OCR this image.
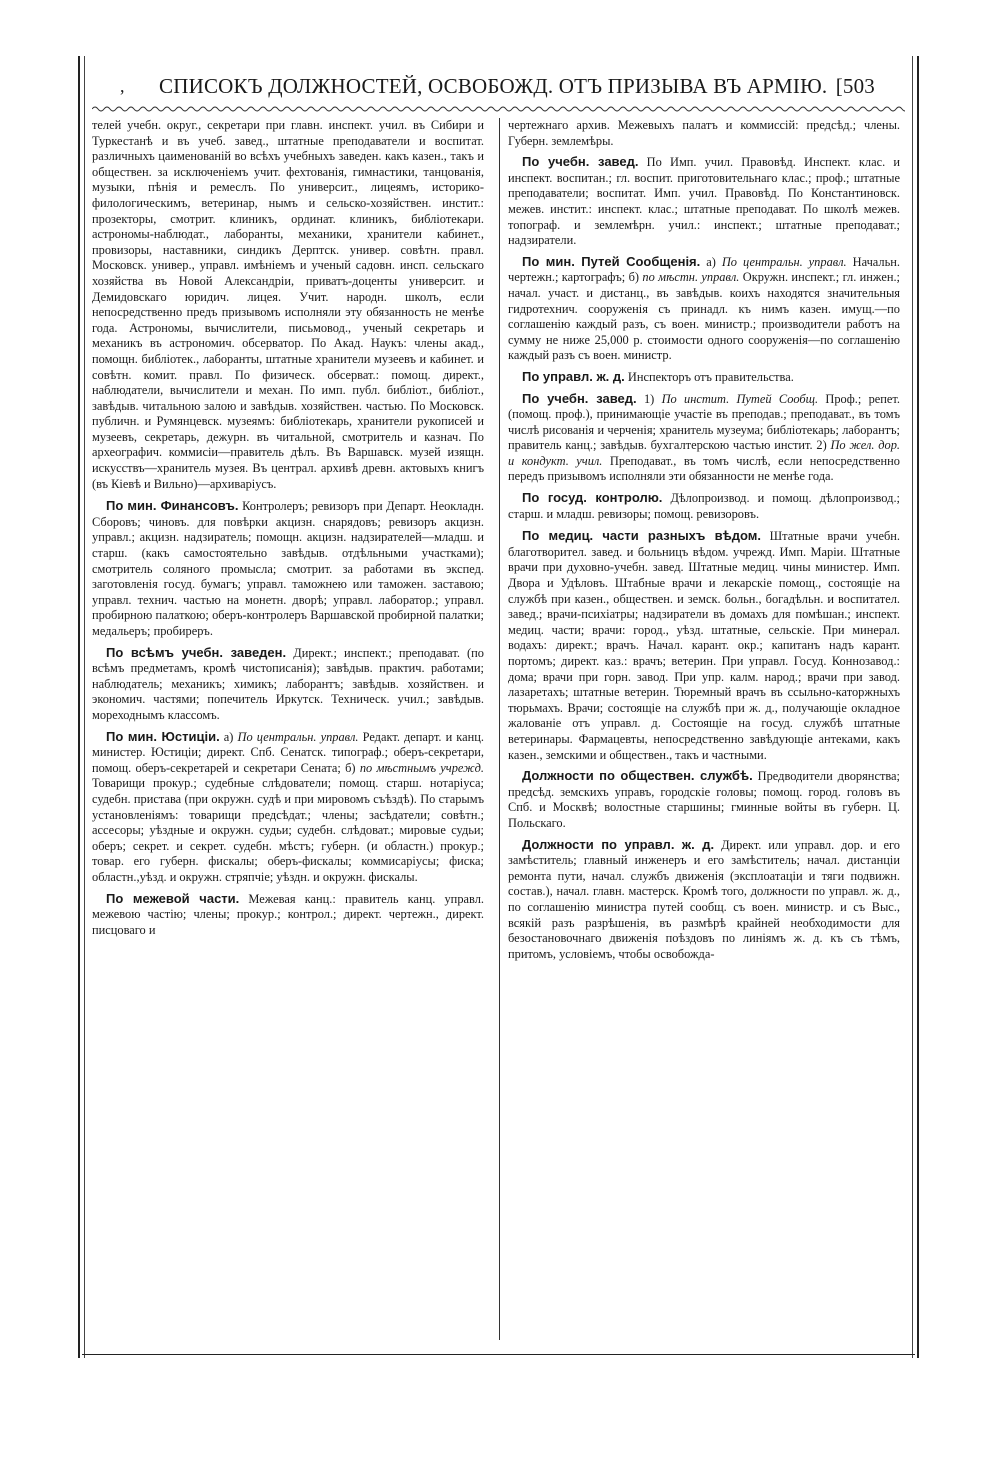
, СПИСОКЪ ДОЛЖНОСТЕЙ, ОСВОБОЖД. ОТЪ ПРИЗЫВА ВЪ АРМІЮ. [503

телей учебн. округ., секретари при главн. инспект. учил. въ Сибири и Туркестанѣ и въ учеб. завед., штатные преподаватели и воспитат. различныхъ цаименованій во всѣхъ учебныхъ заведен. какъ казен., такъ и обществен. за исключеніемъ учит. фехтованія, гимнастики, танцованія, музыки, пѣнія и ремеслъ. По университ., лицеямъ, историко-филологическимъ, ветеринар, нымъ и сельско-хозяйствен. инстит.: прозекторы, смотрит. клиникъ, ординат. клиникъ, библіотекари. астрономы-наблюдат., лаборанты, механики, хранители кабинет., провизоры, наставники, синдикъ Дерптск. универ. совѣтн. правл. Московск. универ., управл. имѣніемъ и ученый садовн. инсп. сельскаго хозяйства въ Новой Александріи, приватъ-доценты университ. и Демидовскаго юридич. лицея. Учит. народн. школъ, если непосредственно предъ призывомъ исполняли эту обязанность не менѣе года. Астрономы, вычислители, письмовод., ученый секретарь и механикъ въ астрономич. обсерватор. По Акад. Наукъ: члены акад., помощн. библіотек., лаборанты, штатные хранители музеевъ и кабинет. и совѣтн. комит. правл. По физическ. обсерват.: помощ. директ., наблюдатели, вычислители и механ. По имп. публ. библіот., библіот., завѣдыв. читальною залою и завѣдыв. хозяйствен. частью. По Московск. публичн. и Румянцевск. музеямъ: библіотекарь, хранители рукописей и музеевъ, секретарь, дежурн. въ читальной, смотритель и казнач. По археографич. коммисіи—правитель дѣлъ. Въ Варшавск. музей изящн. искусствъ—хранитель музея. Въ централ. архивѣ древн. актовыхъ книгъ (въ Кіевѣ и Вильно)—архиваріусъ.

По мин. Финансовъ. Контролеръ; ревизоръ при Департ. Неокладн. Сборовъ; чиновъ. для повѣрки акцизн. снарядовъ; ревизоръ акцизн. управл.; акцизн. надзиратель; помощн. акцизн. надзирателей—младш. и старш. (какъ самостоятельно завѣдыв. отдѣльными участками); смотритель соляного промысла; смотрит. за работами въ экспед. заготовленія госуд. бумагъ; управл. таможнею или таможен. заставою; управл. технич. частью на монетн. дворѣ; управл. лаборатор.; управл. пробирною палаткою; оберъ-контролеръ Варшавской пробирной палатки; медальеръ; пробиреръ.

По всѣмъ учебн. заведен. Директ.; инспект.; преподават. (по всѣмъ предметамъ, кромѣ чистописанія); завѣдыв. практич. работами; наблюдатель; механикъ; химикъ; лаборантъ; завѣдыв. хозяйствен. и экономич. частями; попечитель Иркутск. Техническ. учил.; завѣдыв. мореходнымъ классомъ.

По мин. Юстиціи. а) По центральн. управл. Редакт. департ. и канц. министер. Юстиціи; директ. Спб. Сенатск. типограф.; оберъ-секретари, помощ. оберъ-секретарей и секретари Сената; б) по мѣстнымъ учрежд. Товарищи прокур.; судебные слѣдователи; помощ. старш. нотаріуса; судебн. пристава (при окружн. судѣ и при мировомъ съѣздѣ). По старымъ установленіямъ: товарищи предсѣдат.; члены; засѣдатели; совѣтн.; ассесоры; уѣздные и окружн. судьи; судебн. слѣдоват.; мировые судьи; оберъ; секрет. и секрет. судебн. мѣстъ; губерн. (и областн.) прокур.; товар. его губерн. фискалы; оберъ-фискалы; коммисаріусы; фиска; областн.,уѣзд. и окружн. стряпчіе; уѣздн. и окружн. фискалы.

По межевой части. Межевая канц.: правитель канц. управл. межевою частію; члены; прокур.; контрол.; директ. чертежн., директ. писцоваго и

чертежнаго архив. Межевыхъ палатъ и коммиссій: предсѣд.; члены. Губерн. землемѣры.

По учебн. завед. По Имп. учил. Правовѣд. Инспект. клас. и инспект. воспитан.; гл. воспит. приготовительнаго клас.; проф.; штатные преподаватели; воспитат. Имп. учил. Правовѣд. По Константиновск. межев. инстит.: инспект. клас.; штатные преподават. По школѣ межев. топограф. и землемѣрн. учил.: инспект.; штатные преподават.; надзиратели.

По мин. Путей Сообщенія. а) По центральн. управл. Начальн. чертежн.; картографъ; б) по мѣстн. управл. Окружн. инспект.; гл. инжен.; начал. участ. и дистанц., въ завѣдыв. коихъ находятся значительныя гидротехнич. сооруженія съ принадл. къ нимъ казен. имущ.—по соглашенію каждый разъ, съ воен. министр.; производители работъ на сумму не ниже 25,000 р. стоимости одного сооруженія—по соглашенію каждый разъ съ воен. министр.

По управл. ж. д. Инспекторъ отъ правительства.

По учебн. завед. 1) По инстит. Путей Сообщ. Проф.; репет. (помощ. проф.), принимающіе участіе въ преподав.; преподават., въ томъ числѣ рисованія и черченія; хранитель музеума; библіотекарь; лаборантъ; правитель канц.; завѣдыв. бухгалтерскою частью инстит. 2) По жел. дор. и кондукт. учил. Преподават., въ томъ числѣ, если непосредственно передъ призывомъ исполняли эти обязанности не менѣе года.

По госуд. контролю. Дѣлопроизвод. и помощ. дѣлопроизвод.; старш. и младш. ревизоры; помощ. ревизоровъ.

По медиц. части разныхъ вѣдом. Штатные врачи учебн. благотворител. завед. и больницъ вѣдом. учрежд. Имп. Маріи. Штатные врачи при духовно-учебн. завед. Штатные медиц. чины министер. Имп. Двора и Удѣловъ. Штабные врачи и лекарскіе помощ., состоящіе на службѣ при казен., обществен. и земск. больн., богадѣльн. и воспитател. завед.; врачи-психіатры; надзиратели въ домахъ для помѣшан.; инспект. медиц. части; врачи: город., уѣзд. штатные, сельскіе. При минерал. водахъ: директ.; врачъ. Начал. карант. окр.; капитанъ надъ карант. портомъ; директ. каз.: врачъ; ветерин. При управл. Госуд. Коннозавод.: дома; врачи при горн. завод. При упр. калм. народ.; врачи при завод. лазаретахъ; штатные ветерин. Тюремный врачъ въ ссыльно-каторжныхъ тюрьмахъ. Врачи; состоящіе на службѣ при ж. д., получающіе окладное жалованіе отъ управл. д. Состоящіе на госуд. службѣ штатные ветеринары. Фармацевты, непосредственно завѣдующіе антеками, какъ казен., земскими и обществен., такъ и частными.

Должности по обществен. службѣ. Предводители дворянства; предсѣд. земскихъ управъ, городскіе головы; помощ. город. головъ въ Спб. и Москвѣ; волостные старшины; гминные войты въ губерн. Ц. Польскаго.

Должности по управл. ж. д. Директ. или управл. дор. и его замѣститель; главный инженеръ и его замѣститель; начал. дистанціи ремонта пути, начал. службъ движенія (эксплоатаціи и тяги подвижн. состав.), начал. главн. мастерск. Кромѣ того, должности по управл. ж. д., по соглашенію министра путей сообщ. съ воен. министр. и съ Выс., всякій разъ разрѣшенія, въ размѣрѣ крайней необходимости для безостановочнаго движенія поѣздовъ по линіямъ ж. д. къ съ тѣмъ, притомъ, условіемъ, чтобы освобожда-
